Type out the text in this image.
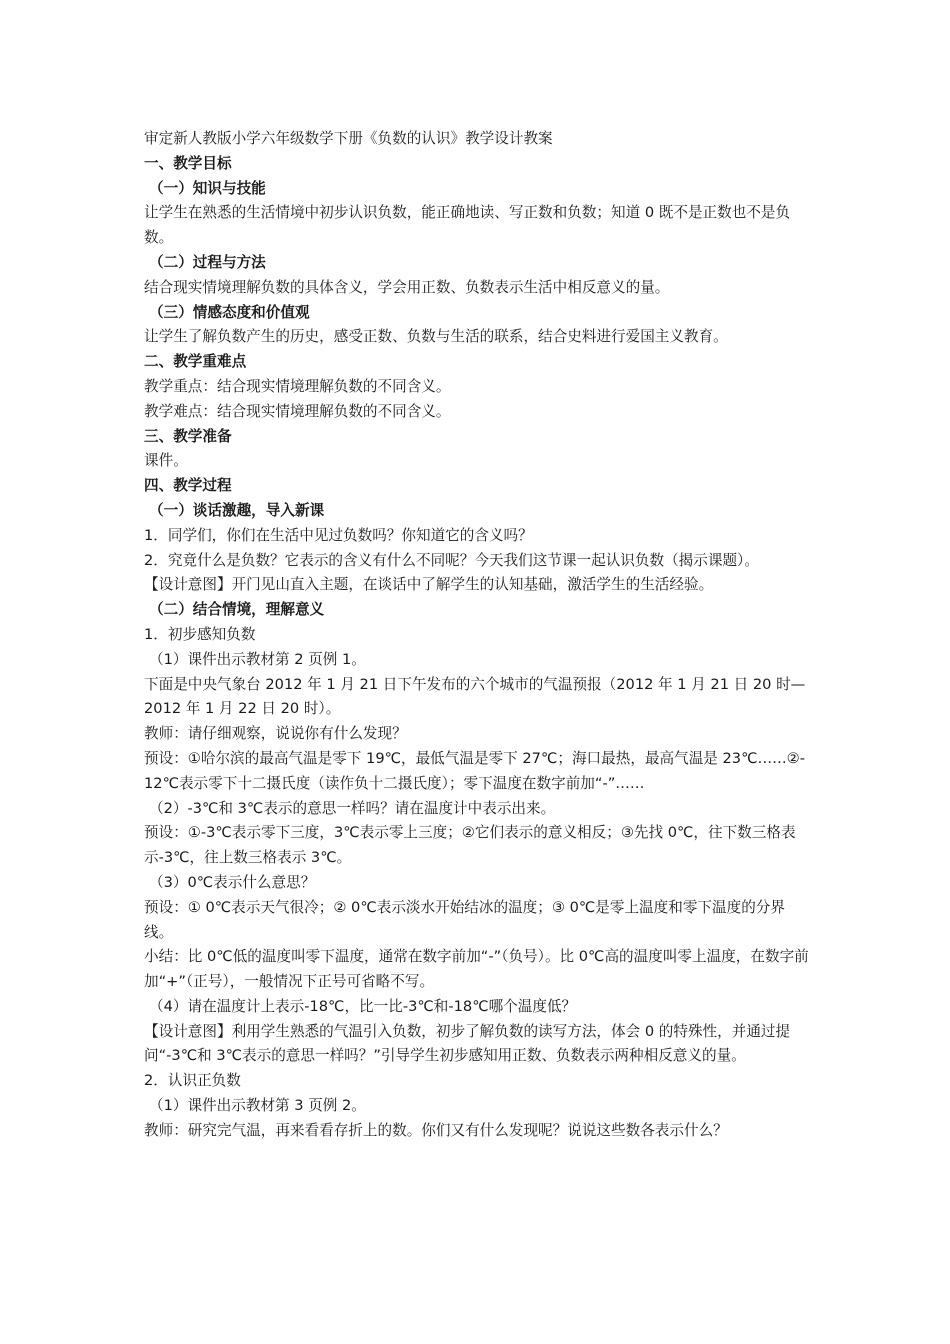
审定新人教版小学六年级数学下册《负数的认识》教学设计教案

一、教学目标

（一）知识与技能

让学生在熟悉的生活情境中初步认识负数，能正确地读、写正数和负数；知道 0 既不是正数也不是负数。

（二）过程与方法

结合现实情境理解负数的具体含义，学会用正数、负数表示生活中相反意义的量。

（三）情感态度和价值观

让学生了解负数产生的历史，感受正数、负数与生活的联系，结合史料进行爱国主义教育。

二、教学重难点

教学重点：结合现实情境理解负数的不同含义。

教学难点：结合现实情境理解负数的不同含义。

三、教学准备

课件。

四、教学过程

（一）谈话激趣，导入新课

1．同学们，你们在生活中见过负数吗？你知道它的含义吗？

2．究竟什么是负数？它表示的含义有什么不同呢？今天我们这节课一起认识负数（揭示课题）。

【设计意图】开门见山直入主题，在谈话中了解学生的认知基础，激活学生的生活经验。

（二）结合情境，理解意义

1．初步感知负数

（1）课件出示教材第 2 页例 1。

下面是中央气象台 2012 年 1 月 21 日下午发布的六个城市的气温预报（2012 年 1 月 21 日 20 时—2012 年 1 月 22 日 20 时）。

教师：请仔细观察，说说你有什么发现？

预设：①哈尔滨的最高气温是零下 19℃，最低气温是零下 27℃；海口最热，最高气温是 23℃……②-12℃表示零下十二摄氏度（读作负十二摄氏度）；零下温度在数字前加“-”……

（2）-3℃和 3℃表示的意思一样吗？请在温度计中表示出来。

预设：①-3℃表示零下三度，3℃表示零上三度；②它们表示的意义相反；③先找 0℃，往下数三格表示-3℃，往上数三格表示 3℃。

（3）0℃表示什么意思？

预设：① 0℃表示天气很冷；② 0℃表示淡水开始结冰的温度；③ 0℃是零上温度和零下温度的分界线。

小结：比 0℃低的温度叫零下温度，通常在数字前加“-”（负号）。比 0℃高的温度叫零上温度，在数字前加“+”（正号），一般情况下正号可省略不写。

（4）请在温度计上表示-18℃，比一比-3℃和-18℃哪个温度低？

【设计意图】利用学生熟悉的气温引入负数，初步了解负数的读写方法，体会 0 的特殊性，并通过提问“-3℃和 3℃表示的意思一样吗？”引导学生初步感知用正数、负数表示两种相反意义的量。

2．认识正负数

（1）课件出示教材第 3 页例 2。

教师：研究完气温，再来看看存折上的数。你们又有什么发现呢？说说这些数各表示什么？
